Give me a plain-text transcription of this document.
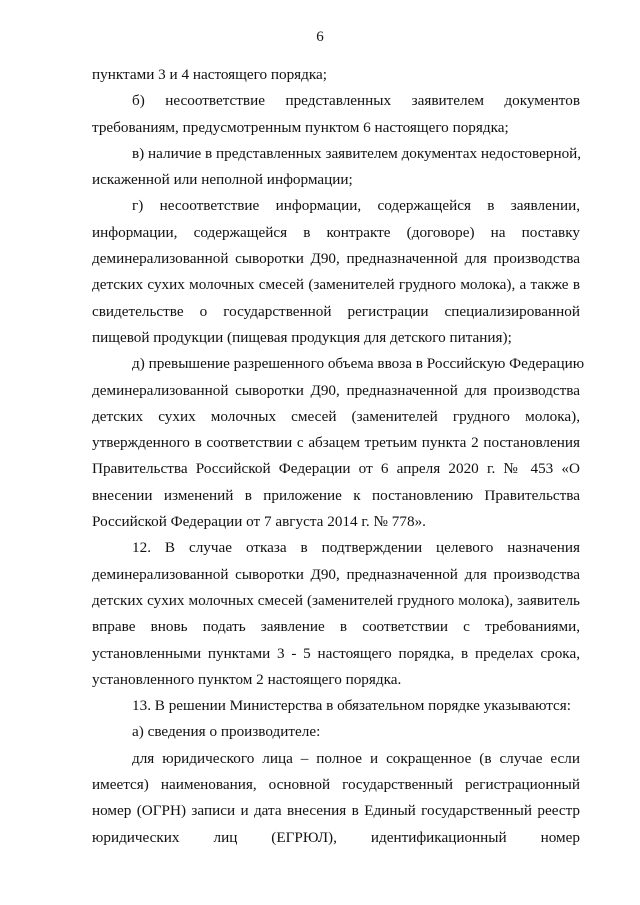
6
пунктами 3 и 4 настоящего порядка;
б) несоответствие представленных заявителем документов
требованиям, предусмотренным пунктом 6 настоящего порядка;
в) наличие в представленных заявителем документах недостоверной,
искаженной или неполной информации;
г) несоответствие информации, содержащейся в заявлении,
информации, содержащейся в контракте (договоре) на поставку
деминерализованной сыворотки Д90, предназначенной для производства
детских сухих молочных смесей (заменителей грудного молока), а также в
свидетельстве о государственной регистрации специализированной
пищевой продукции (пищевая продукция для детского питания);
д) превышение разрешенного объема ввоза в Российскую Федерацию
деминерализованной сыворотки Д90, предназначенной для производства
детских сухих молочных смесей (заменителей грудного молока),
утвержденного в соответствии с абзацем третьим пункта 2 постановления
Правительства Российской Федерации от 6 апреля 2020 г. № 453 «О
внесении изменений в приложение к постановлению Правительства
Российской Федерации от 7 августа 2014 г. № 778».
12. В случае отказа в подтверждении целевого назначения
деминерализованной сыворотки Д90, предназначенной для производства
детских сухих молочных смесей (заменителей грудного молока), заявитель
вправе вновь подать заявление в соответствии с требованиями,
установленными пунктами 3 - 5 настоящего порядка, в пределах срока,
установленного пунктом 2 настоящего порядка.
13. В решении Министерства в обязательном порядке указываются:
а) сведения о производителе:
для юридического лица – полное и сокращенное (в случае если
имеется) наименования, основной государственный регистрационный
номер (ОГРН) записи и дата внесения в Единый государственный реестр
юридических лиц (ЕГРЮЛ), идентификационный номер
